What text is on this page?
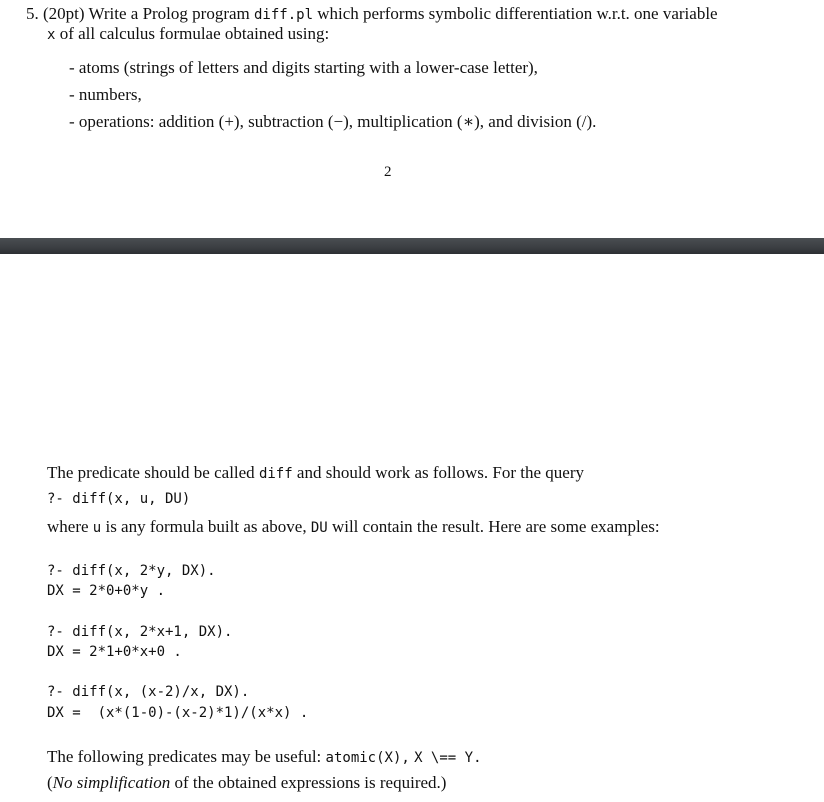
5. (20pt) Write a Prolog program diff.pl which performs symbolic differentiation w.r.t. one variable
x of all calculus formulae obtained using:
- atoms (strings of letters and digits starting with a lower-case letter),
- numbers,
- operations: addition (+), subtraction (−), multiplication (∗), and division (/).
2
The predicate should be called diff and should work as follows. For the query
?- diff(x, u, DU)
where u is any formula built as above, DU will contain the result. Here are some examples:
?- diff(x, 2*y, DX).
DX = 2*0+0*y .
?- diff(x, 2*x+1, DX).
DX = 2*1+0*x+0 .
?- diff(x, (x-2)/x, DX).
DX =  (x*(1-0)-(x-2)*1)/(x*x) .
The following predicates may be useful: atomic(X), X \== Y.
(No simplification of the obtained expressions is required.)
